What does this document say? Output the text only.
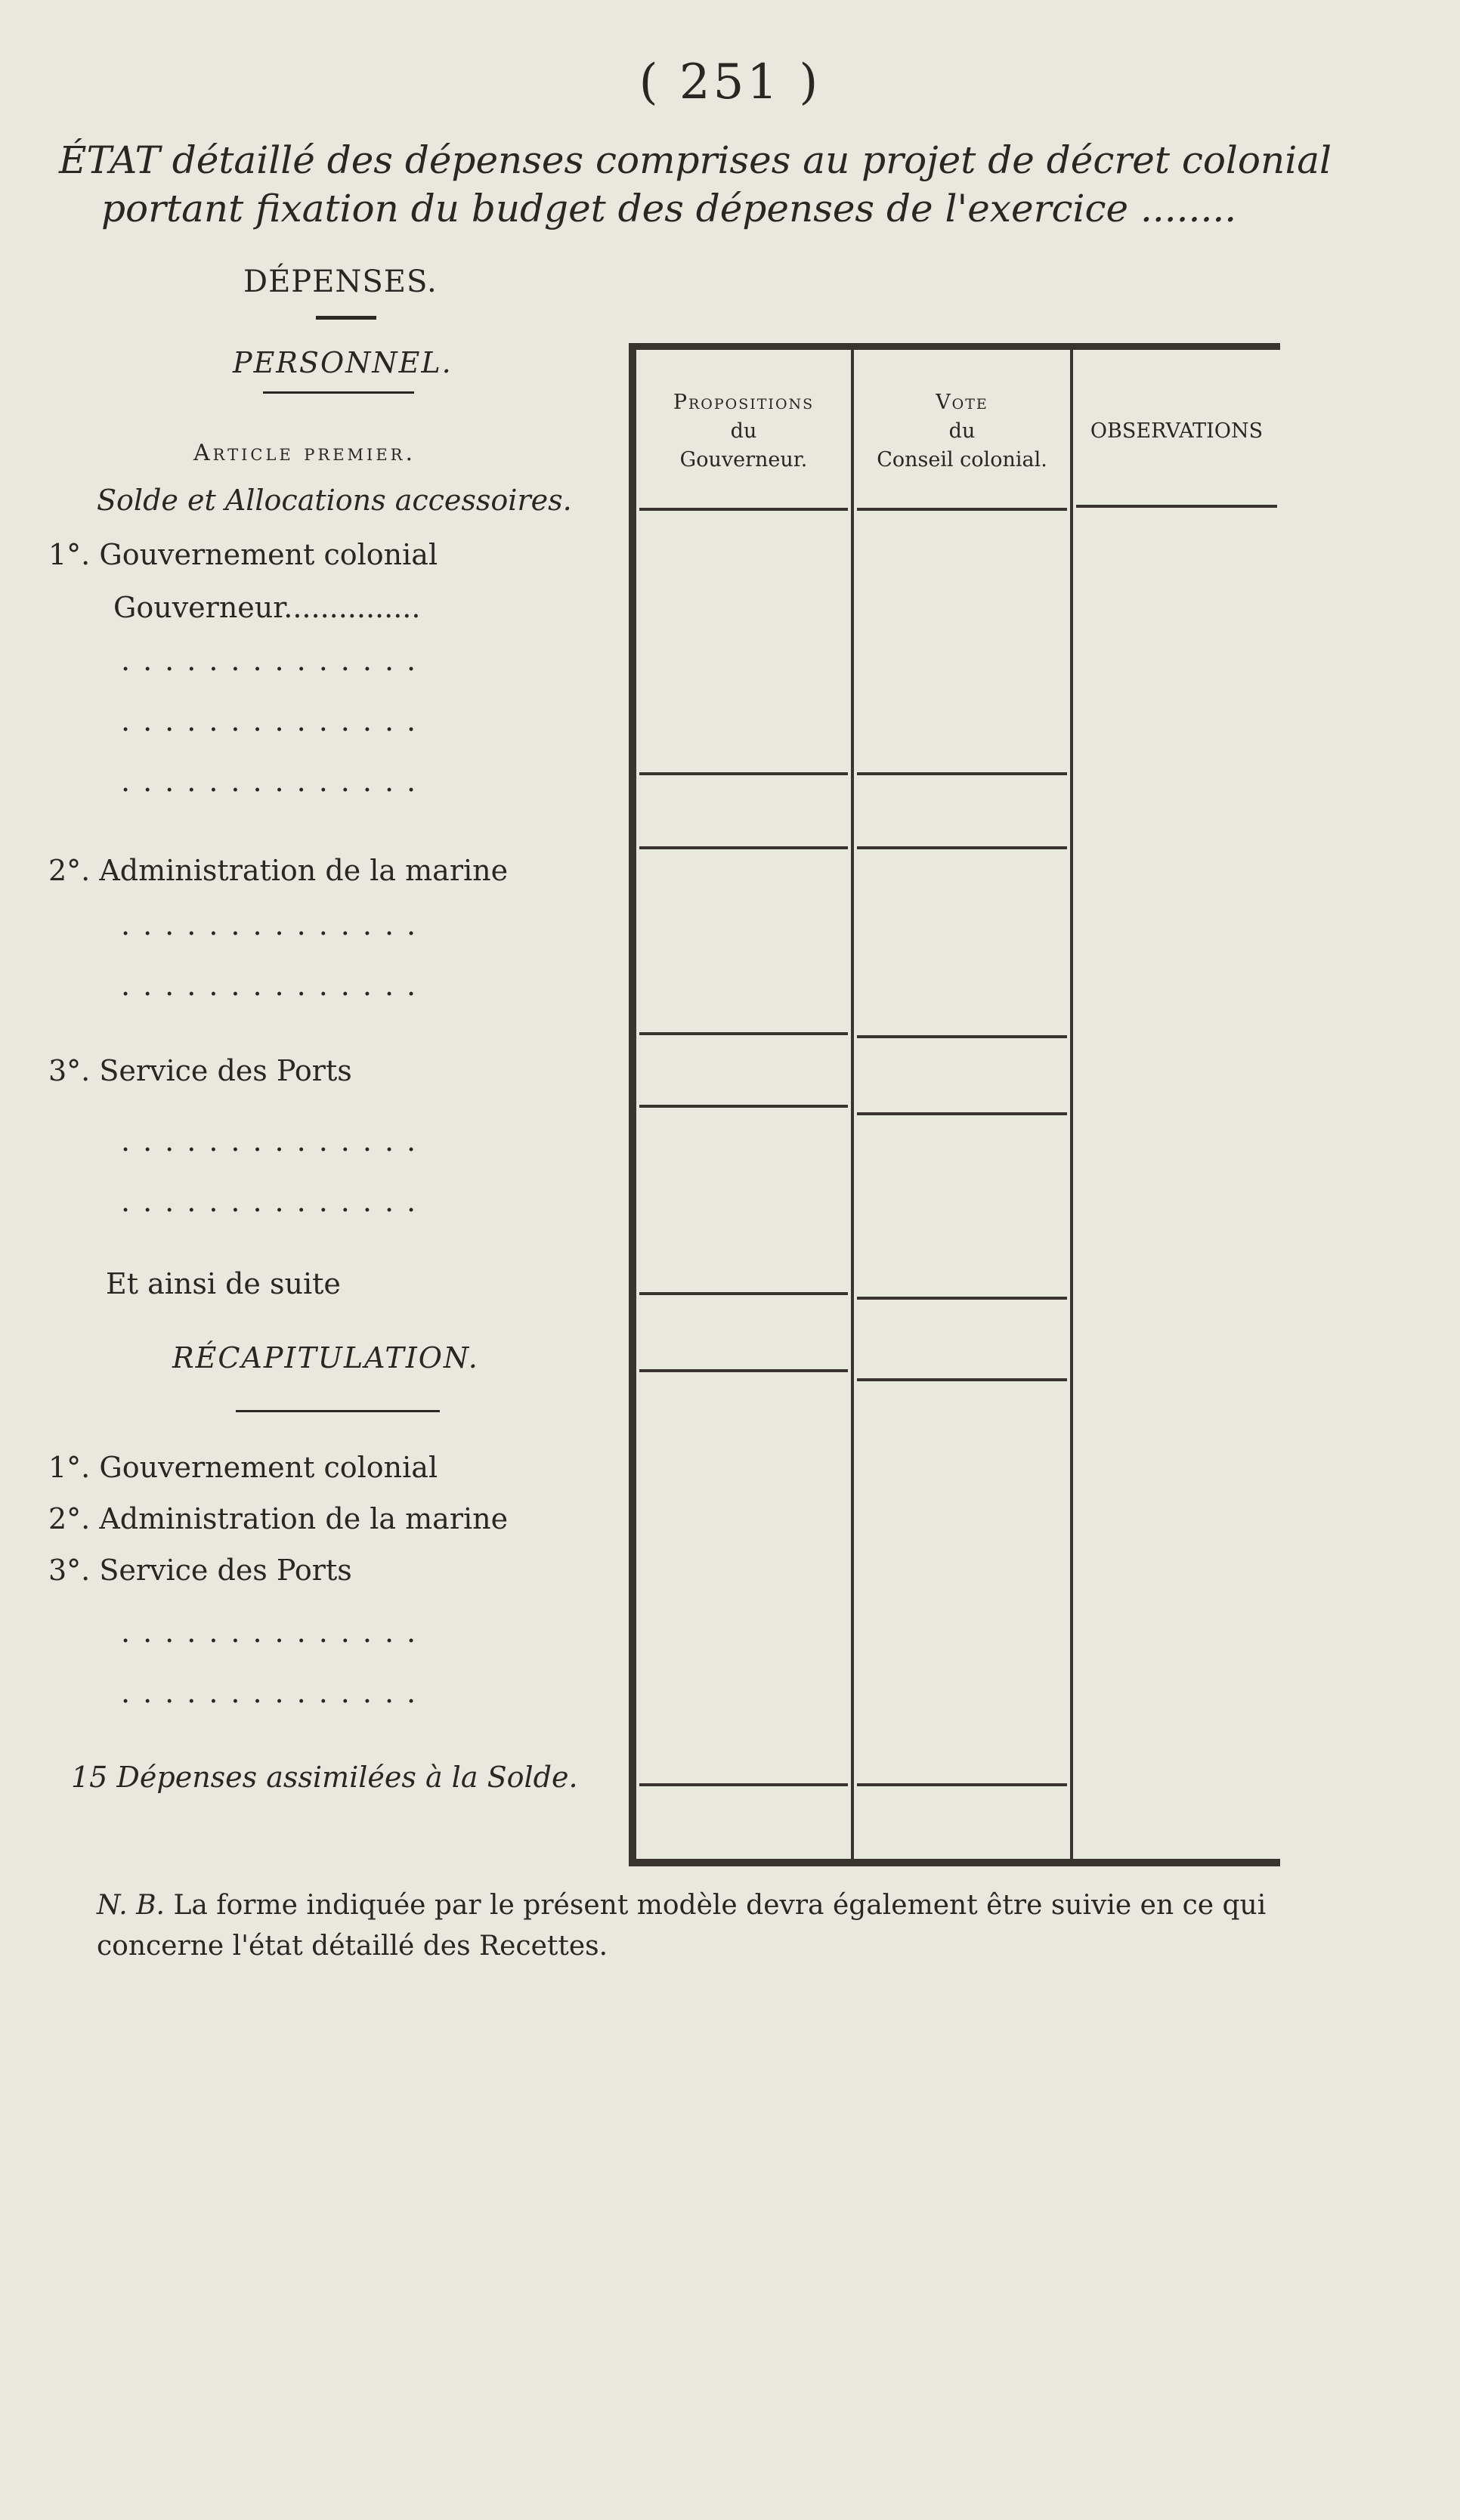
( 251 )
ÉTAT détaillé des dépenses comprises au projet de décret colonial
portant fixation du budget des dépenses de l'exercice ........
DÉPENSES.
PERSONNEL.
Article premier.
Solde et Allocations accessoires.
1°. Gouvernement colonial
Gouverneur...............
..............
..............
..............
2°. Administration de la marine
..............
..............
3°. Service des Ports
..............
..............
Et ainsi de suite
RÉCAPITULATION.
1°. Gouvernement colonial
2°. Administration de la marine
3°. Service des Ports
..............
..............
15 Dépenses assimilées à la Solde.
Propositions
du
Gouverneur.
Vote
du
Conseil colonial.
OBSERVATIONS
N. B. La forme indiquée par le présent modèle devra également être suivie en ce qui concerne l'état détaillé des Recettes.
